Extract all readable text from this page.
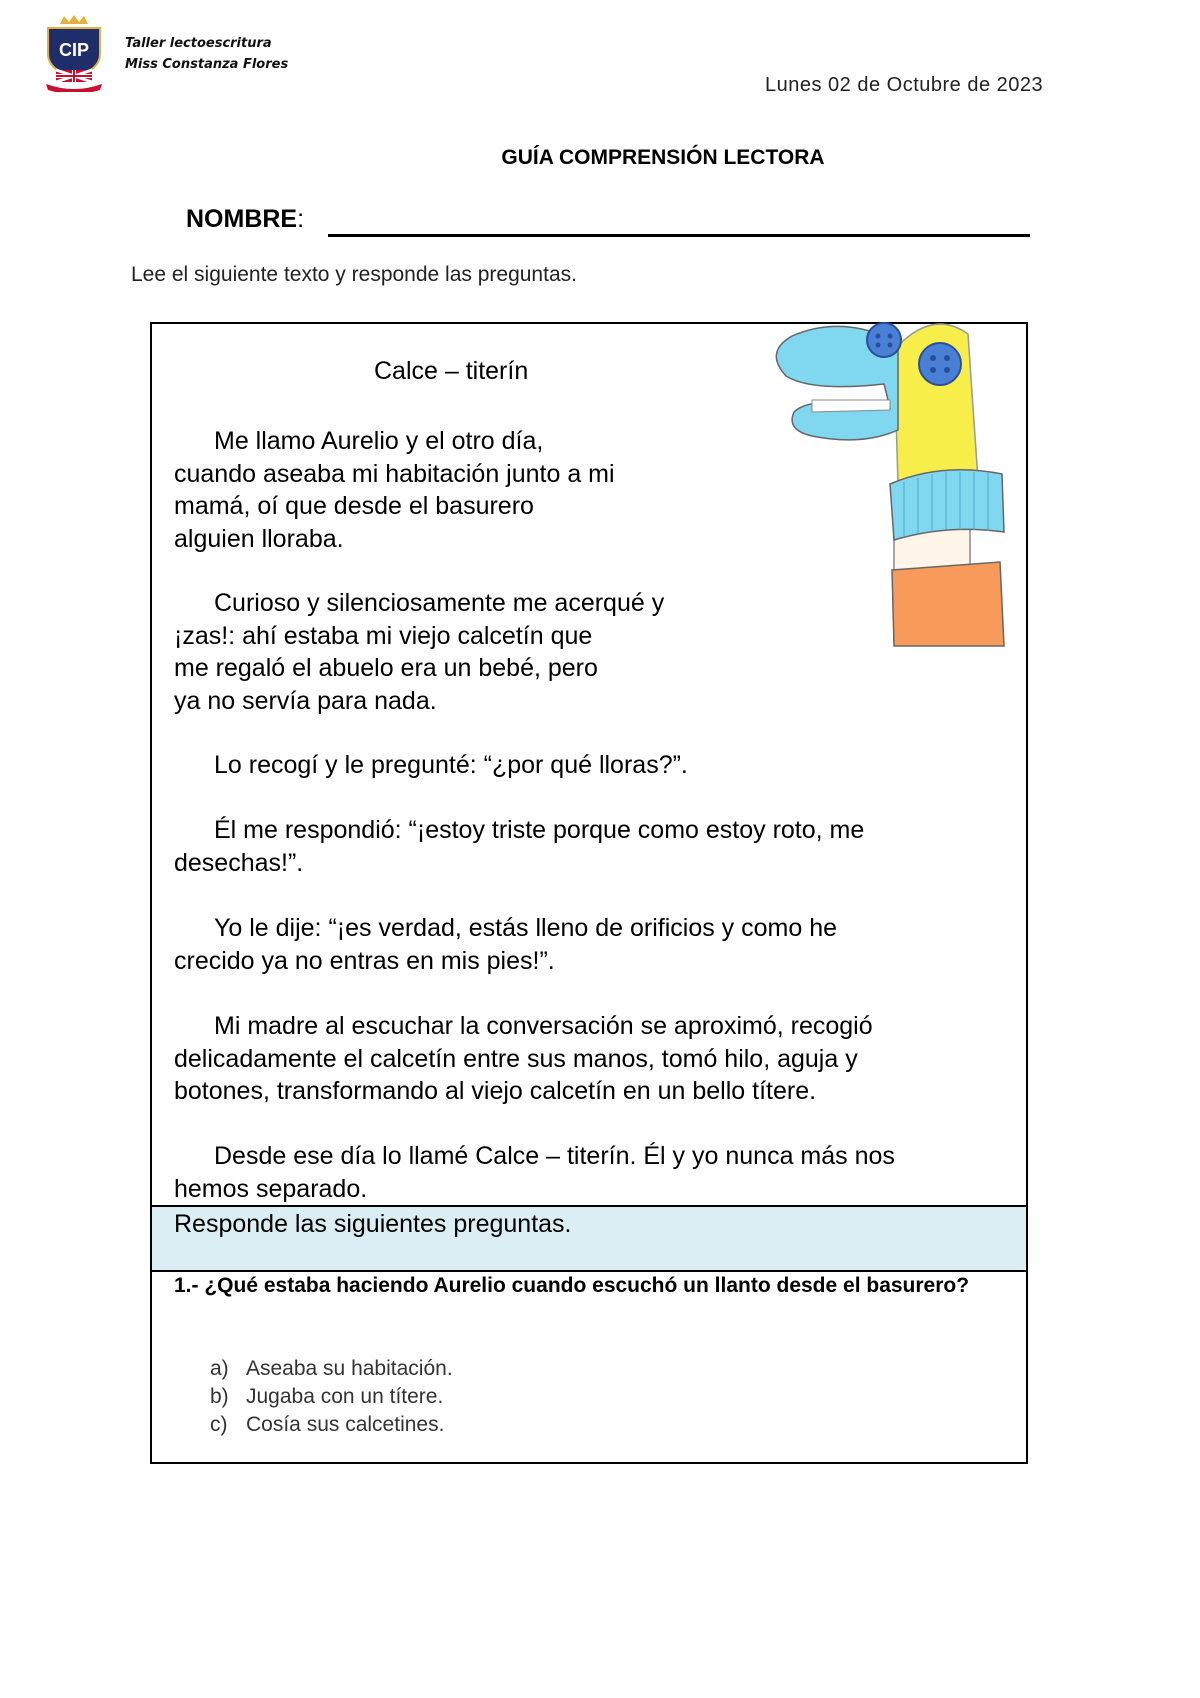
CIP	Taller lectoescritura
Miss Constanza Flores
Lunes 02 de Octubre de 2023
GUÍA COMPRENSIÓN LECTORA
NOMBRE:
Lee el siguiente texto y responde las preguntas.
Calce – titerín
Me llamo Aurelio y el otro día,
cuando aseaba mi habitación junto a mi
mamá, oí que desde el basurero
alguien lloraba.
Curioso y silenciosamente me acerqué y
¡zas!: ahí estaba mi viejo calcetín que
me regaló el abuelo era un bebé, pero
ya no servía para nada.
Lo recogí y le pregunté: “¿por qué lloras?”.
Él me respondió: “¡estoy triste porque como estoy roto, me
desechas!”.
Yo le dije: “¡es verdad, estás lleno de orificios y como he
crecido ya no entras en mis pies!”.
Mi madre al escuchar la conversación se aproximó, recogió
delicadamente el calcetín entre sus manos, tomó hilo, aguja y
botones, transformando al viejo calcetín en un bello títere.
Desde ese día lo llamé Calce – titerín. Él y yo nunca más nos
hemos separado.
Responde las siguientes preguntas.
1.- ¿Qué estaba haciendo Aurelio cuando escuchó un llanto desde el basurero?
a) Aseaba su habitación.
b) Jugaba con un títere.
c) Cosía sus calcetines.
